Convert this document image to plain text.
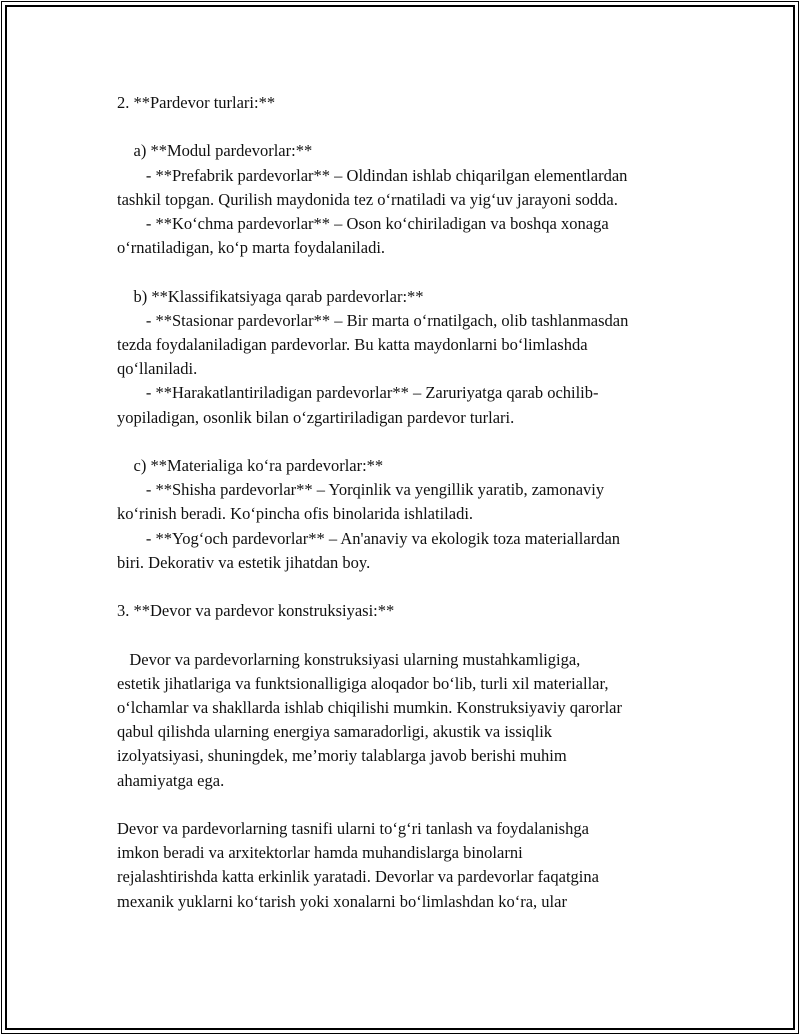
2. **Pardevor turlari:**
a) **Modul pardevorlar:**
- **Prefabrik pardevorlar** – Oldindan ishlab chiqarilgan elementlardan
tashkil topgan. Qurilish maydonida tez oʻrnatiladi va yigʻuv jarayoni sodda.
- **Koʻchma pardevorlar** – Oson koʻchiriladigan va boshqa xonaga
oʻrnatiladigan, koʻp marta foydalaniladi.
b) **Klassifikatsiyaga qarab pardevorlar:**
- **Stasionar pardevorlar** – Bir marta oʻrnatilgach, olib tashlanmasdan
tezda foydalaniladigan pardevorlar. Bu katta maydonlarni boʻlimlashda
qoʻllaniladi.
- **Harakatlantiriladigan pardevorlar** – Zaruriyatga qarab ochilib-
yopiladigan, osonlik bilan oʻzgartiriladigan pardevor turlari.
c) **Materialiga koʻra pardevorlar:**
- **Shisha pardevorlar** – Yorqinlik va yengillik yaratib, zamonaviy
koʻrinish beradi. Koʻpincha ofis binolarida ishlatiladi.
- **Yogʻoch pardevorlar** – An'anaviy va ekologik toza materiallardan
biri. Dekorativ va estetik jihatdan boy.
3. **Devor va pardevor konstruksiyasi:**
Devor va pardevorlarning konstruksiyasi ularning mustahkamligiga,
estetik jihatlariga va funktsionalligiga aloqador boʻlib, turli xil materiallar,
oʻlchamlar va shakllarda ishlab chiqilishi mumkin. Konstruksiyaviy qarorlar
qabul qilishda ularning energiya samaradorligi, akustik va issiqlik
izolyatsiyasi, shuningdek, me’moriy talablarga javob berishi muhim
ahamiyatga ega.
Devor va pardevorlarning tasnifi ularni toʻgʻri tanlash va foydalanishga
imkon beradi va arxitektorlar hamda muhandislarga binolarni
rejalashtirishda katta erkinlik yaratadi. Devorlar va pardevorlar faqatgina
mexanik yuklarni koʻtarish yoki xonalarni boʻlimlashdan koʻra, ular
